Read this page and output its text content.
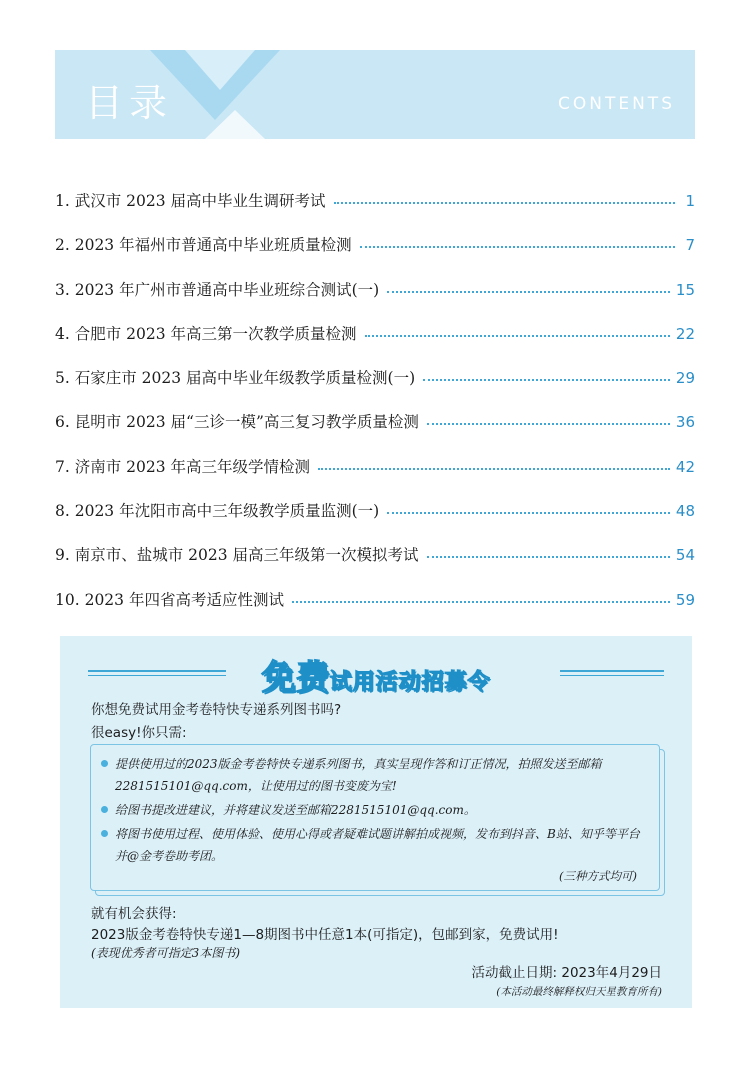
目录	CONTENTS
1. 武汉市 2023 届高中毕业生调研考试	1
2. 2023 年福州市普通高中毕业班质量检测	7
3. 2023 年广州市普通高中毕业班综合测试(一)	15
4. 合肥市 2023 年高三第一次教学质量检测	22
5. 石家庄市 2023 届高中毕业年级教学质量检测(一)	29
6. 昆明市 2023 届“三诊一模”高三复习教学质量检测	36
7. 济南市 2023 年高三年级学情检测	42
8. 2023 年沈阳市高中三年级教学质量监测(一)	48
9. 南京市、盐城市 2023 届高三年级第一次模拟考试	54
10. 2023 年四省高考适应性测试	59
免费试用活动招募令
你想免费试用金考卷特快专递系列图书吗?
很easy!你只需:
提供使用过的2023版金考卷特快专递系列图书，真实呈现作答和订正情况，拍照发送至邮箱2281515101@qq.com，让使用过的图书变废为宝!
给图书提改进建议，并将建议发送至邮箱2281515101@qq.com。
将图书使用过程、使用体验、使用心得或者疑难试题讲解拍成视频，发布到抖音、B站、知乎等平台并@金考卷助考团。
(三种方式均可)
就有机会获得:
2023版金考卷特快专递1—8期图书中任意1本(可指定)，包邮到家，免费试用!
(表现优秀者可指定3本图书)
活动截止日期: 2023年4月29日
(本活动最终解释权归天星教育所有)
